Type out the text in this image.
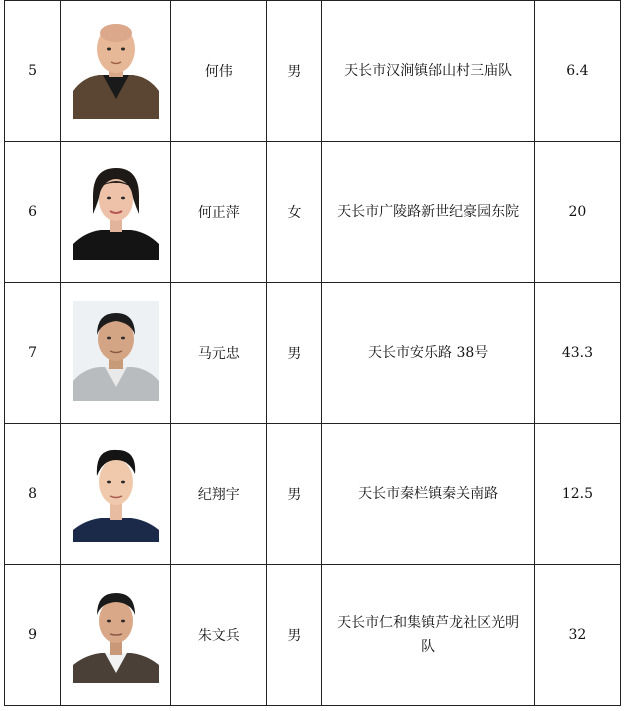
5		何伟	男	天长市汉涧镇邰山村三庙队	6.4
6		何正萍	女	天长市广陵路新世纪豪园东院	20
7		马元忠	男	天长市安乐路 38号	43.3
8		纪翔宇	男	天长市秦栏镇秦关南路	12.5
9		朱文兵	男	天长市仁和集镇芦龙社区光明队	32
